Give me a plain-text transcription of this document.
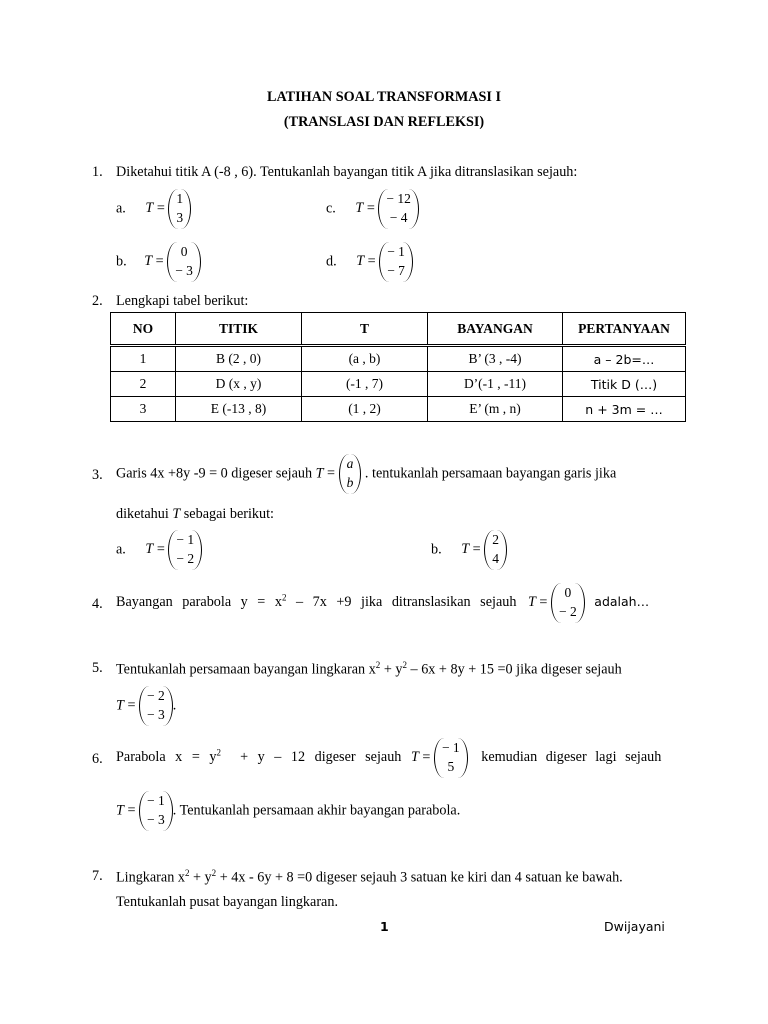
LATIHAN SOAL TRANSFORMASI I
(TRANSLASI DAN REFLEKSI)
1. Diketahui titik A (-8 , 6). Tentukanlah bayangan titik A jika ditranslasikan sejauh:
a. T =
1
3
c. T =
− 12
− 4
b. T =
0
− 3
d. T =
− 1
− 7
2. Lengkapi tabel berikut:
NO	TITIK	T	BAYANGAN	PERTANYAAN
1	B (2 , 0)	(a , b)	B’ (3 , -4)	a – 2b=…
2	D (x , y)	(-1 , 7)	D’(-1 , -11)	Titik D (…)
3	E (-13 , 8)	(1 , 2)	E’ (m , n)	n + 3m = …
3. Garis 4x +8y -9 = 0 digeser sejauh T =
a
b
. tentukanlah persamaan bayangan garis jika
diketahui T sebagai berikut:
a. T =
− 1
− 2
b. T =
2
4
4. Bayangan parabola $y = x^2 - 7x +9$ jika ditranslasikan sejauh T =
0
− 2
adalah…
5. Tentukanlah persamaan bayangan lingkaran $x^2 + y^2 - 6x + 8y + 15 =0$ jika digeser sejauh
T =
− 2
− 3
.
6. Parabola $x = y^2 + y - 12$ digeser sejauh T =
− 1
5
kemudian digeser lagi sejauh
T =
− 1
− 3
. Tentukanlah persamaan akhir bayangan parabola.
7. Lingkaran $x^2 + y^2 + 4x - 6y + 8 =0$ digeser sejauh 3 satuan ke kiri dan 4 satuan ke bawah.
Tentukanlah pusat bayangan lingkaran.
1	Dwijayani
